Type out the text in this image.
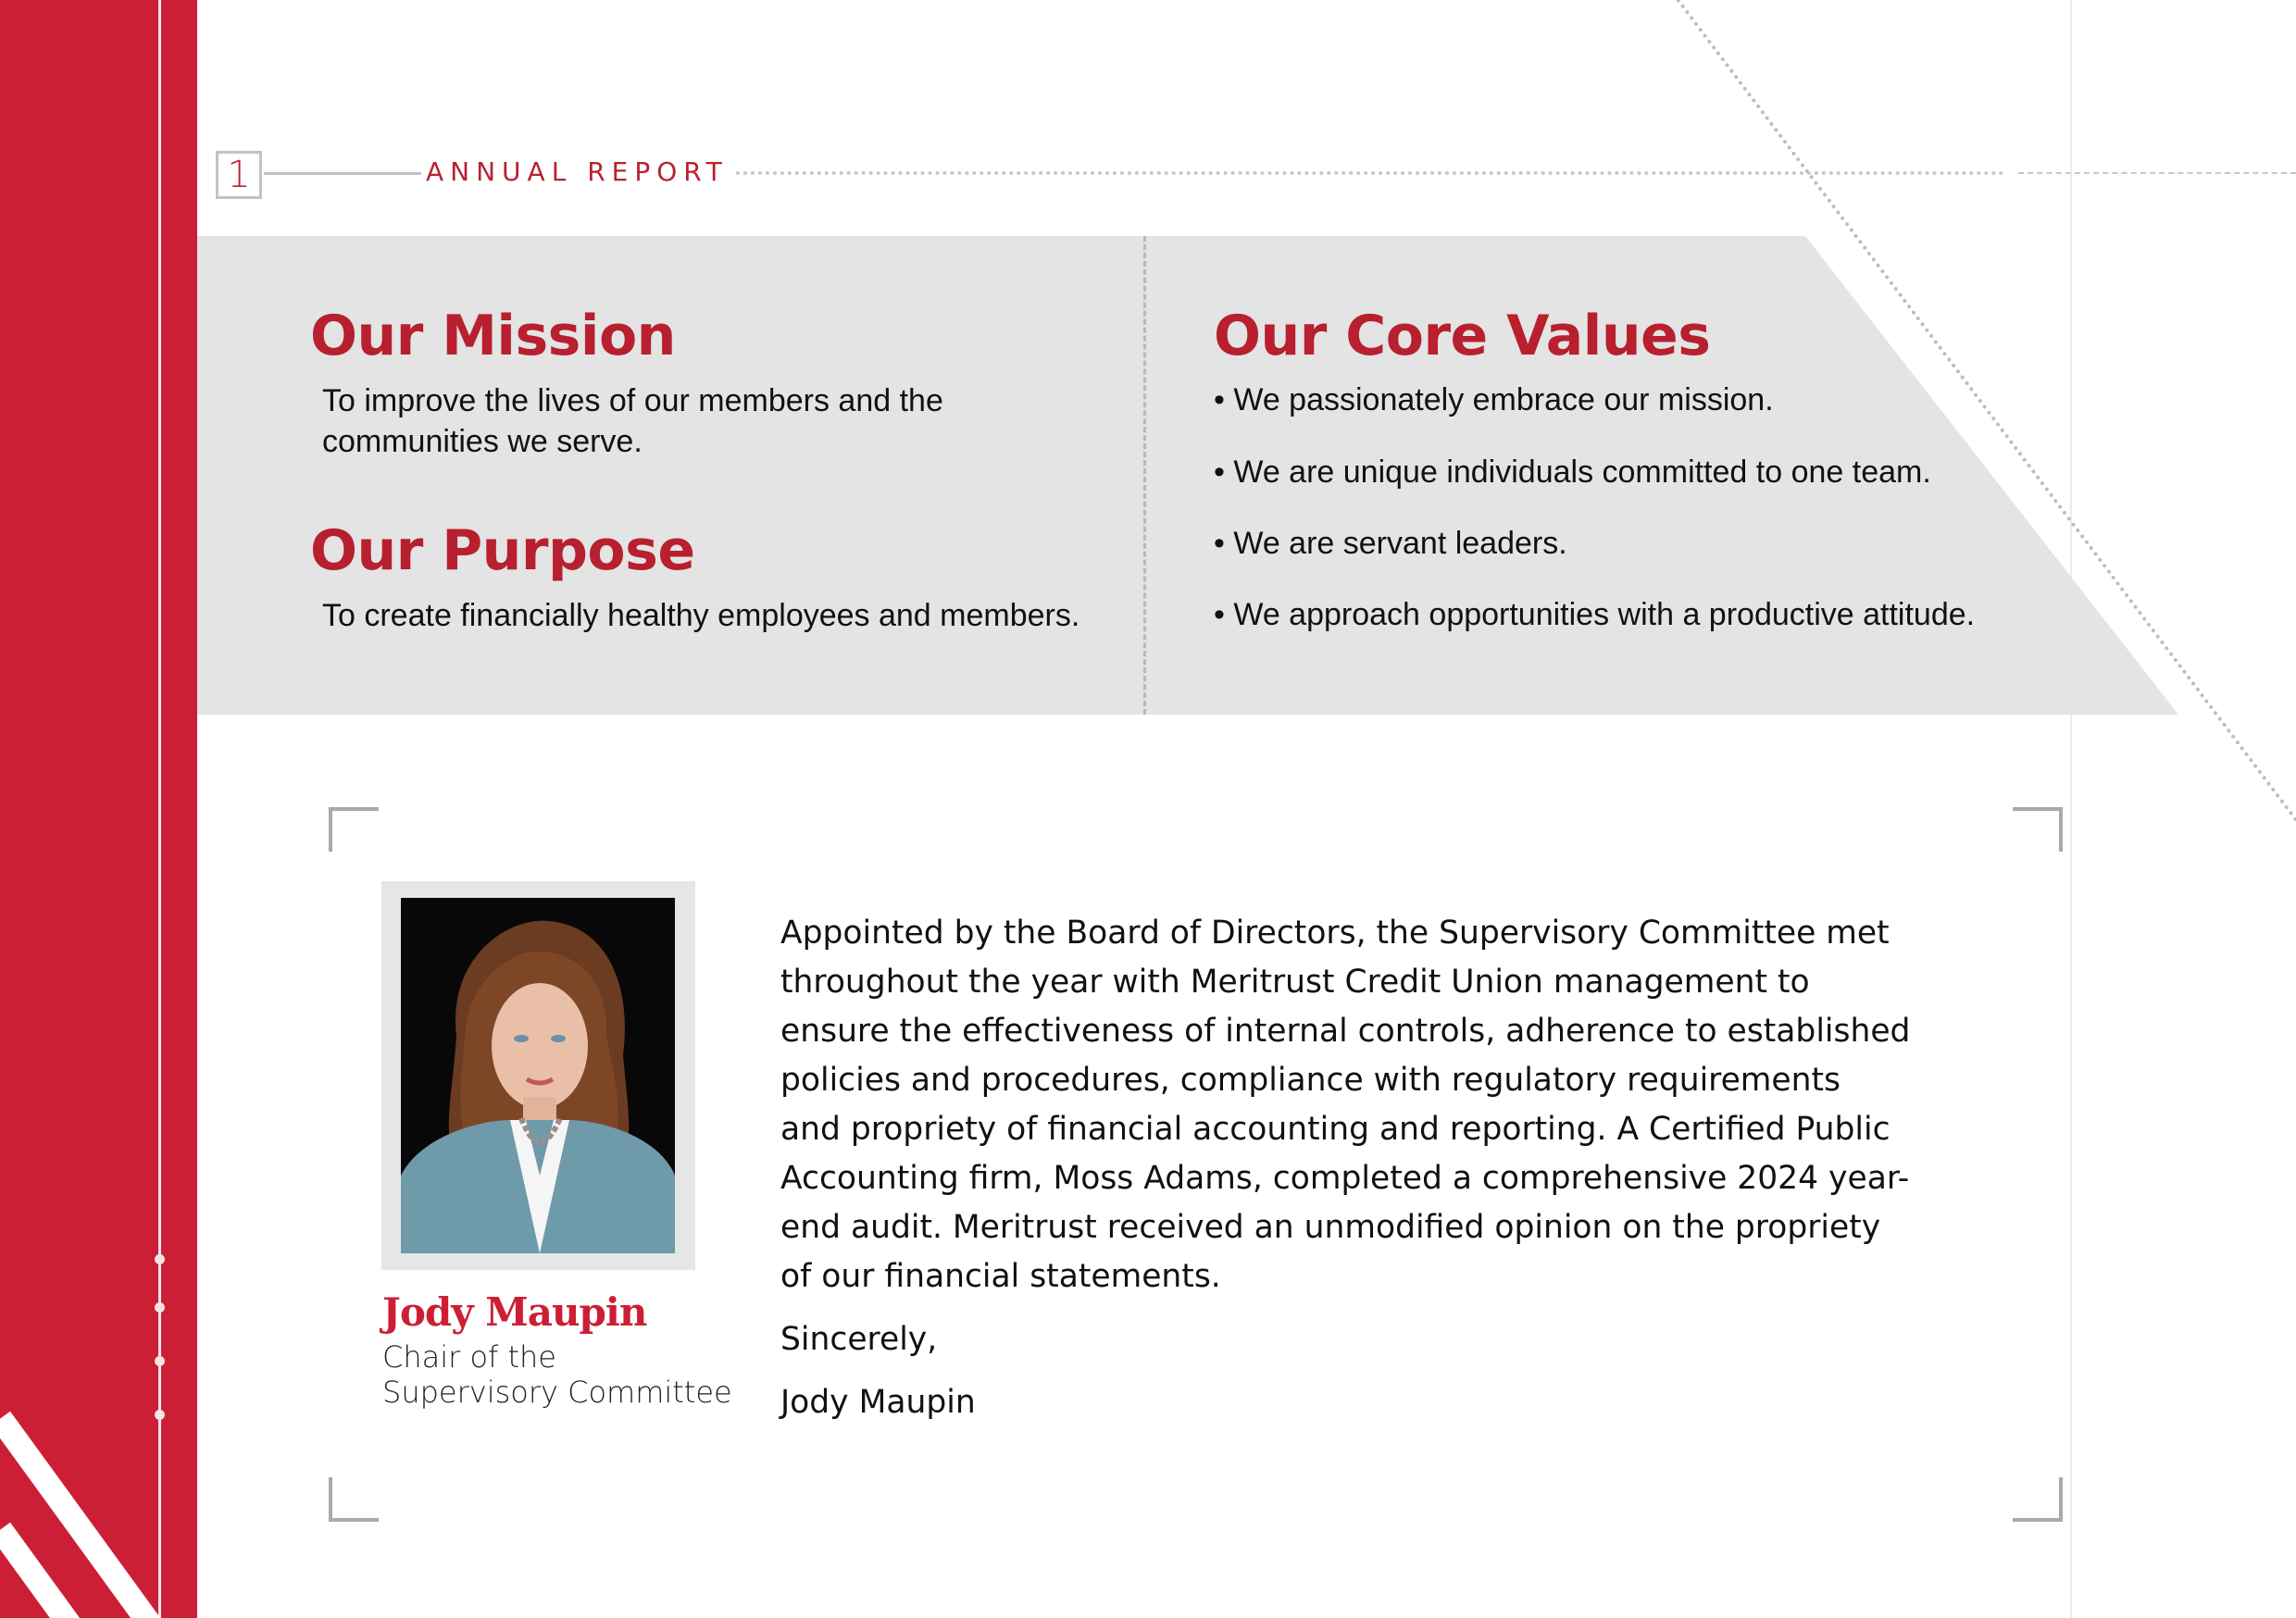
1	ANNUAL REPORT
Our Mission
To improve the lives of our members and the
communities we serve.
Our Purpose
To create financially healthy employees and members.
Our Core Values
• We passionately embrace our mission.
• We are unique individuals committed to one team.
• We are servant leaders.
• We approach opportunities with a productive attitude.
Jody Maupin
Chair of the
Supervisory Committee

Appointed by the Board of Directors, the Supervisory Committee met

throughout the year with Meritrust Credit Union management to

ensure the effectiveness of internal controls, adherence to established

policies and procedures, compliance with regulatory requirements

and propriety of financial accounting and reporting. A Certified Public

Accounting firm, Moss Adams, completed a comprehensive 2024 year-

end audit. Meritrust received an unmodified opinion on the propriety

of our financial statements.

Sincerely,

Jody Maupin
